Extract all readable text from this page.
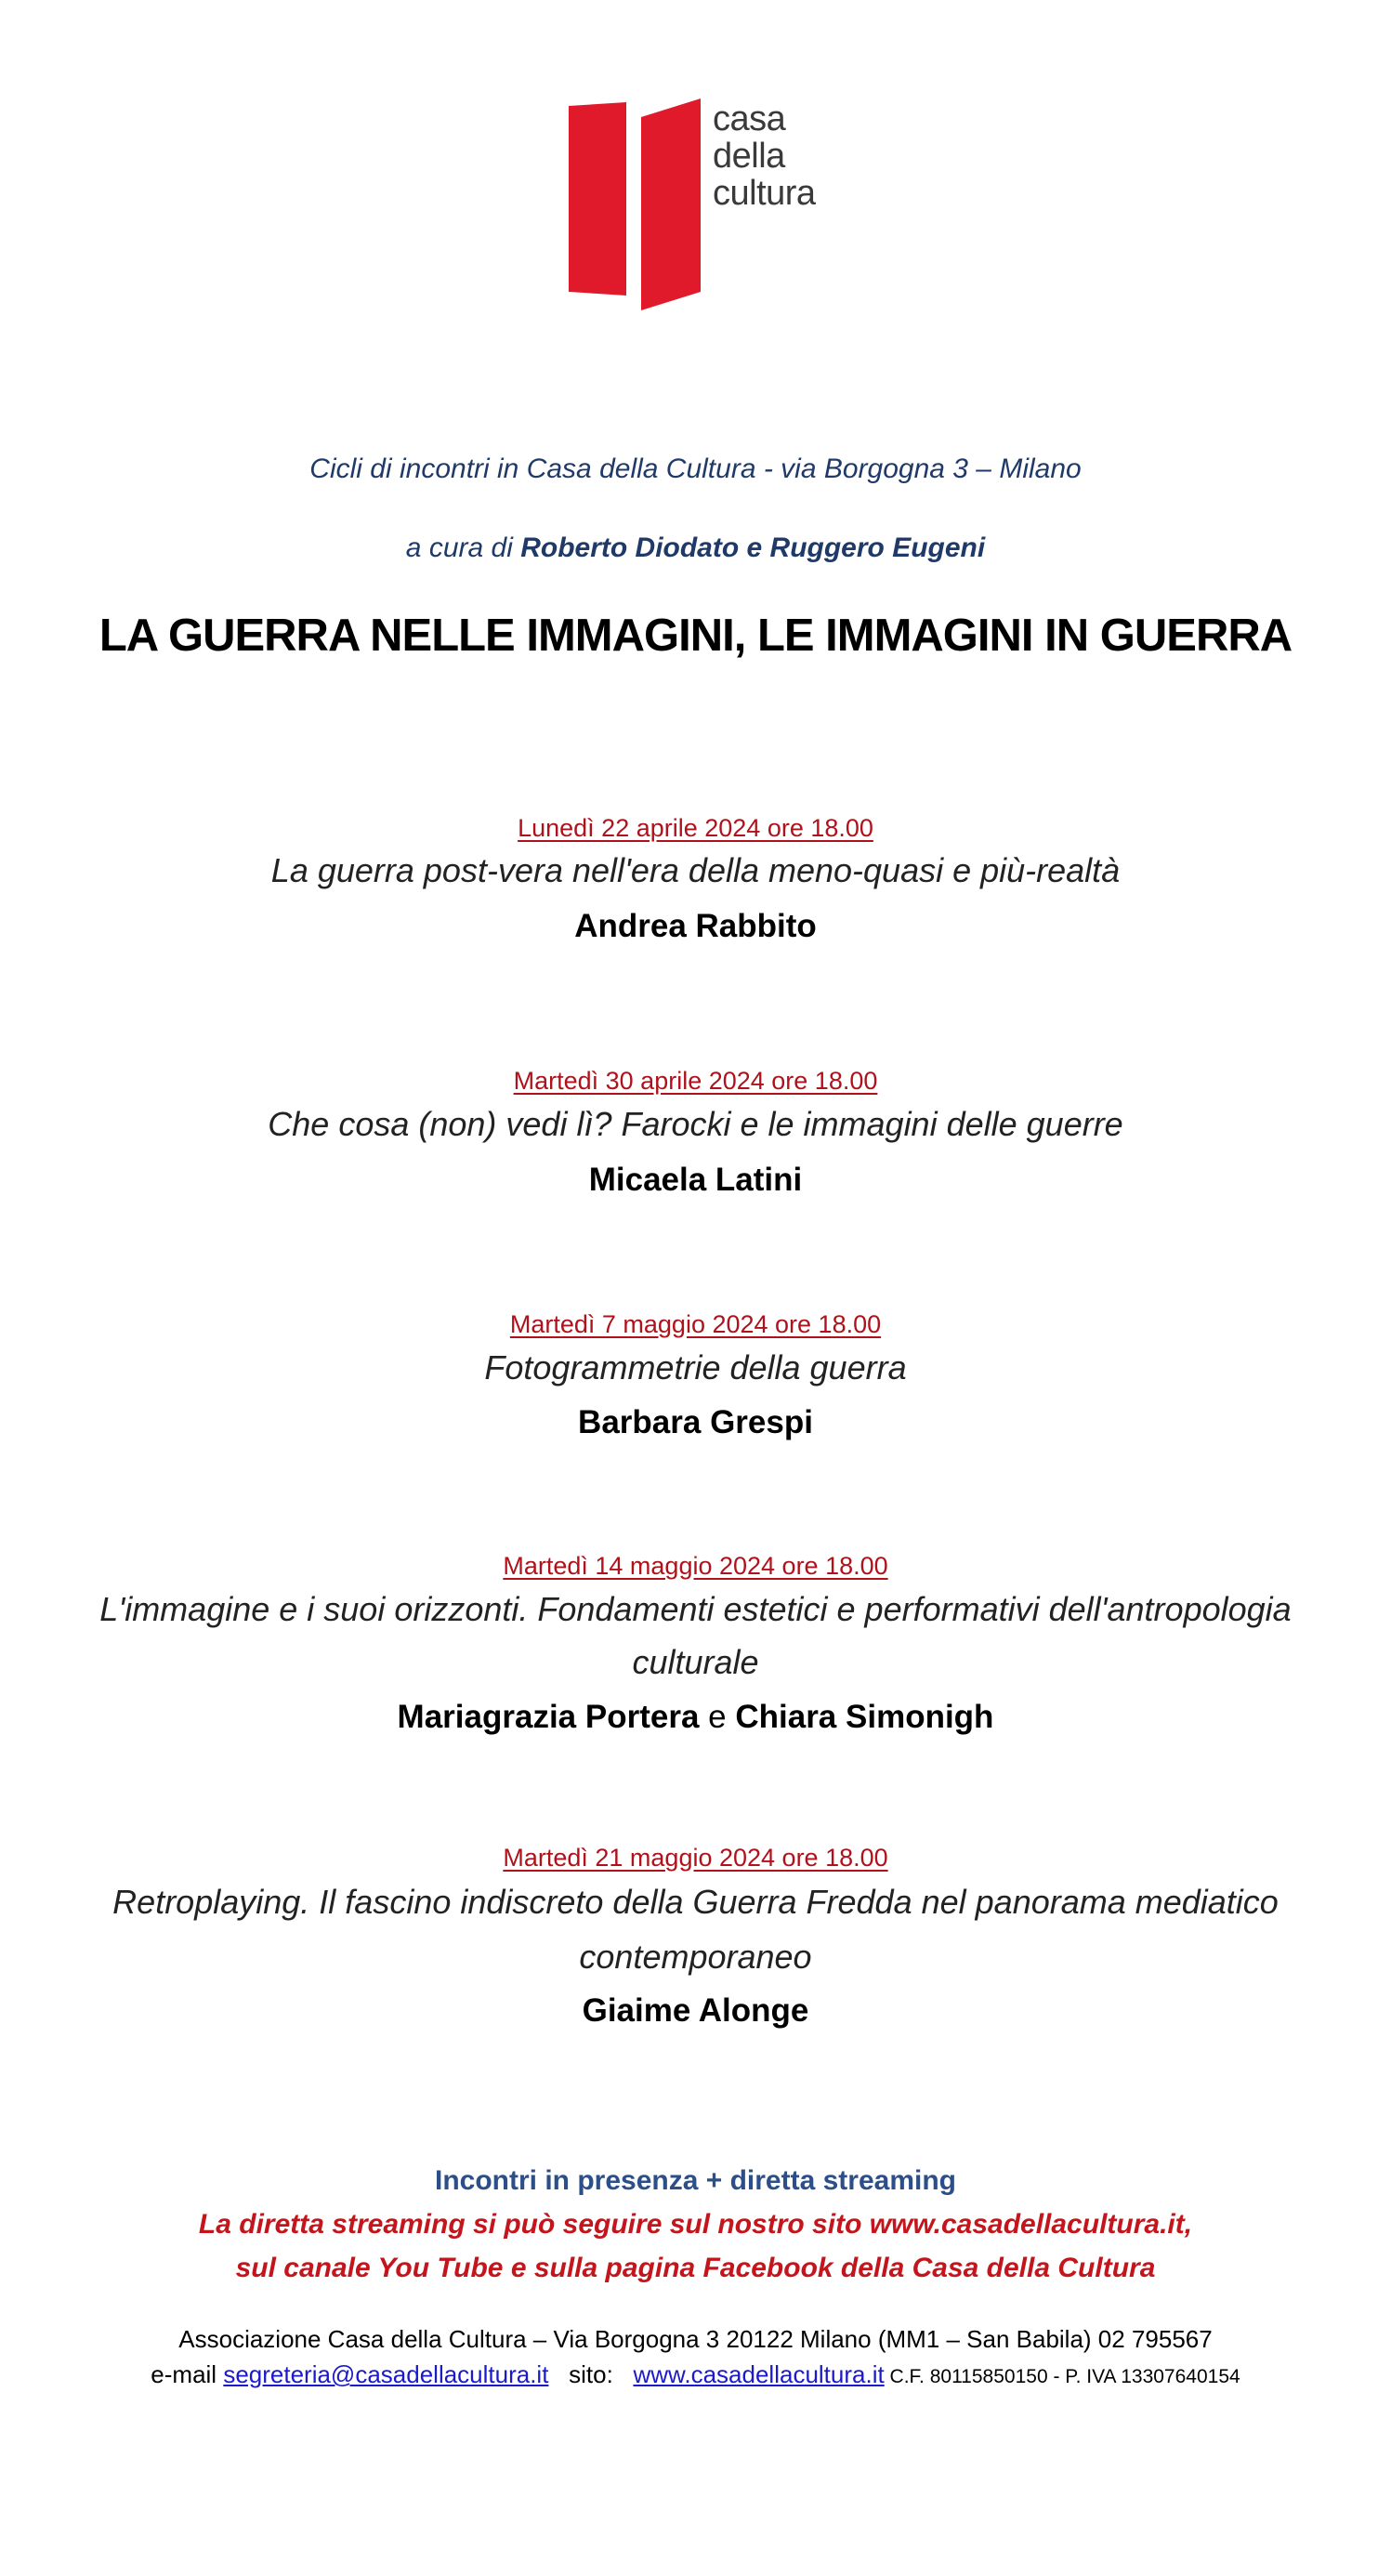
casa
della
cultura
Cicli di incontri in Casa della Cultura - via Borgogna 3 – Milano
a cura di Roberto Diodato e Ruggero Eugeni
LA GUERRA NELLE IMMAGINI, LE IMMAGINI IN GUERRA
Lunedì 22 aprile 2024 ore 18.00
La guerra post-vera nell'era della meno-quasi e più-realtà
Andrea Rabbito
Martedì 30 aprile 2024 ore 18.00
Che cosa (non) vedi lì? Farocki e le immagini delle guerre
Micaela Latini
Martedì 7 maggio 2024 ore 18.00
Fotogrammetrie della guerra
Barbara Grespi
Martedì 14 maggio 2024 ore 18.00
L'immagine e i suoi orizzonti. Fondamenti estetici e performativi dell'antropologia
culturale
Mariagrazia Portera e Chiara Simonigh
Martedì 21 maggio 2024 ore 18.00
Retroplaying. Il fascino indiscreto della Guerra Fredda nel panorama mediatico
contemporaneo
Giaime Alonge
Incontri in presenza + diretta streaming
La diretta streaming si può seguire sul nostro sito www.casadellacultura.it,
sul canale You Tube e sulla pagina Facebook della Casa della Cultura
Associazione Casa della Cultura – Via Borgogna 3 20122 Milano (MM1 – San Babila) 02 795567
e-mail segreteria@casadellacultura.it   sito:   www.casadellacultura.it C.F. 80115850150 - P. IVA 13307640154
